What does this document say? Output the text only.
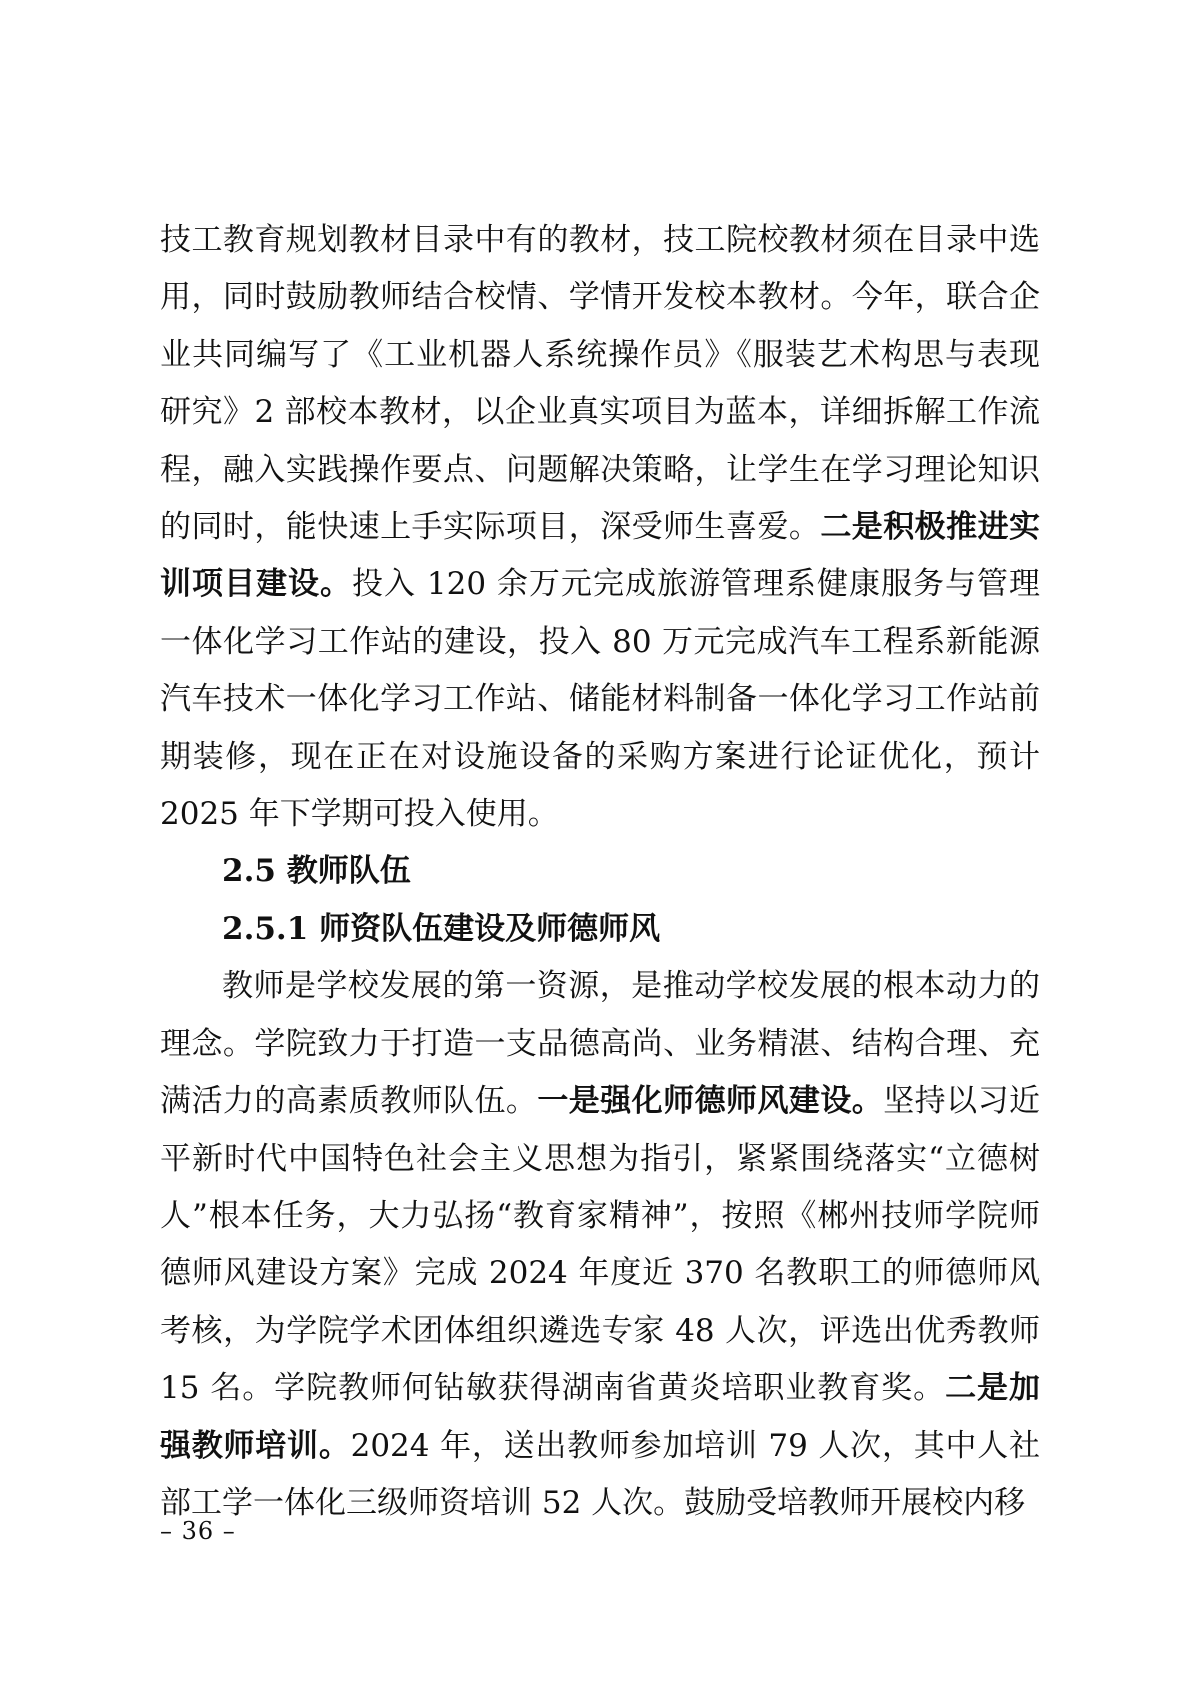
技工教育规划教材目录中有的教材，技工院校教材须在目录中选用，同时鼓励教师结合校情、学情开发校本教材。今年，联合企业共同编写了《工业机器人系统操作员》《服装艺术构思与表现研究》2 部校本教材，以企业真实项目为蓝本，详细拆解工作流程，融入实践操作要点、问题解决策略，让学生在学习理论知识的同时，能快速上手实际项目，深受师生喜爱。二是积极推进实训项目建设。投入 120 余万元完成旅游管理系健康服务与管理一体化学习工作站的建设，投入 80 万元完成汽车工程系新能源汽车技术一体化学习工作站、储能材料制备一体化学习工作站前期装修，现在正在对设施设备的采购方案进行论证优化，预计 2025 年下学期可投入使用。

2.5 教师队伍

2.5.1 师资队伍建设及师德师风

教师是学校发展的第一资源，是推动学校发展的根本动力的理念。学院致力于打造一支品德高尚、业务精湛、结构合理、充满活力的高素质教师队伍。一是强化师德师风建设。坚持以习近平新时代中国特色社会主义思想为指引，紧紧围绕落实“立德树人”根本任务，大力弘扬“教育家精神”，按照《郴州技师学院师德师风建设方案》完成 2024 年度近 370 名教职工的师德师风考核，为学院学术团体组织遴选专家 48 人次，评选出优秀教师 15 名。学院教师何钻敏获得湖南省黄炎培职业教育奖。二是加强教师培训。2024 年，送出教师参加培训 79 人次，其中人社部工学一体化三级师资培训 52 人次。鼓励受培教师开展校内移

– 36 –
